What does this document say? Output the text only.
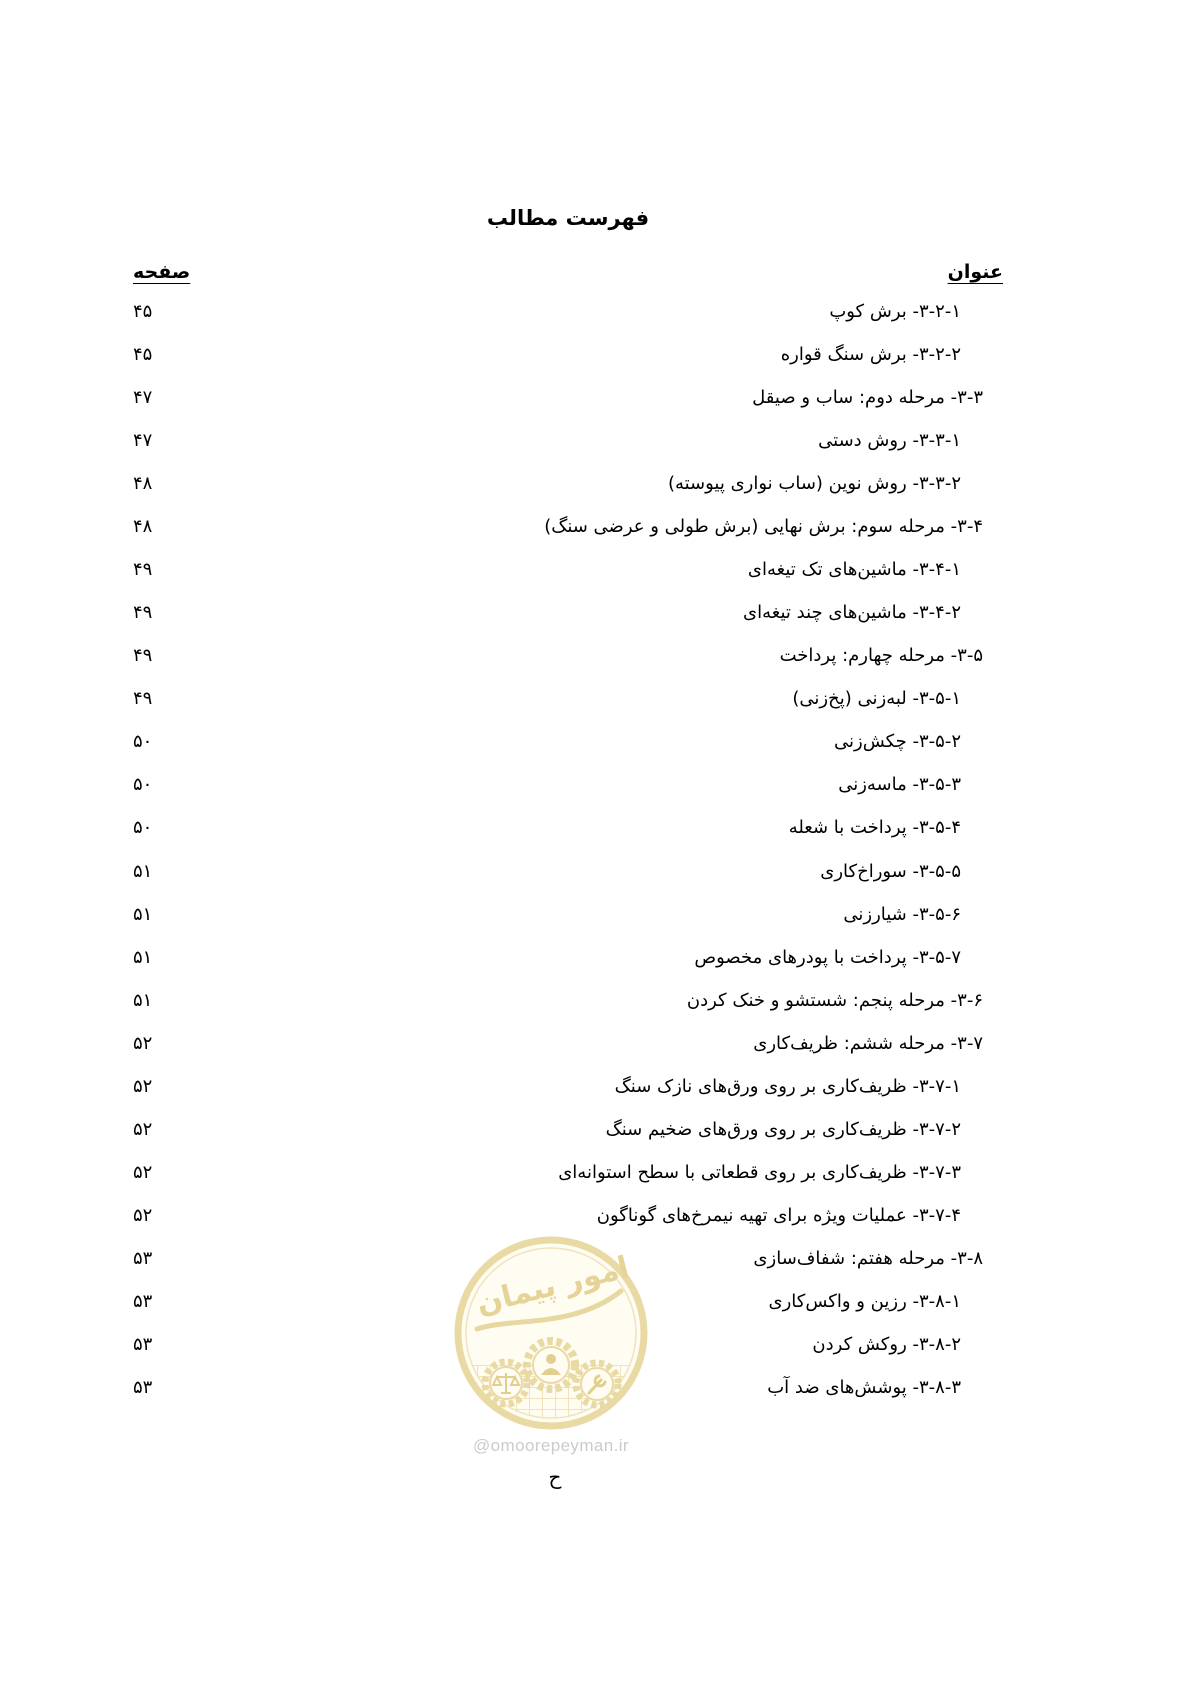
فهرست مطالب
عنوان
صفحه
۱-۲-۳- برش کوپ
۴۵
۲-۲-۳- برش سنگ قواره
۴۵
۳-۳- مرحله دوم: ساب و صیقل
۴۷
۱-۳-۳- روش دستی
۴۷
۲-۳-۳- روش نوین (ساب نواری پیوسته)
۴۸
۴-۳- مرحله سوم: برش نهایی (برش طولی و عرضی سنگ)
۴۸
۱-۴-۳- ماشین‌های تک تیغه‌ای
۴۹
۲-۴-۳- ماشین‌های چند تیغه‌ای
۴۹
۵-۳- مرحله چهارم: پرداخت
۴۹
۱-۵-۳- لبه‌زنی (پخ‌زنی)
۴۹
۲-۵-۳- چکش‌زنی
۵۰
۳-۵-۳- ماسه‌زنی
۵۰
۴-۵-۳- پرداخت با شعله
۵۰
۵-۵-۳- سوراخ‌کاری
۵۱
۶-۵-۳- شیارزنی
۵۱
۷-۵-۳- پرداخت با پودرهای مخصوص
۵۱
۶-۳- مرحله پنجم: شستشو و خنک کردن
۵۱
۷-۳- مرحله ششم: ظریف‌کاری
۵۲
۱-۷-۳- ظریف‌کاری بر روی ورق‌های نازک سنگ
۵۲
۲-۷-۳- ظریف‌کاری بر روی ورق‌های ضخیم سنگ
۵۲
۳-۷-۳- ظریف‌کاری بر روی قطعاتی با سطح استوانه‌ای
۵۲
۴-۷-۳- عملیات ویژه برای تهیه نیمرخ‌های گوناگون
۵۲
۸-۳- مرحله هفتم: شفاف‌سازی
۵۳
۱-۸-۳- رزین و واکس‌کاری
۵۳
۲-۸-۳- روکش کردن
۵۳
۳-۸-۳- پوشش‌های ضد آب
۵۳
امور پیمان
@omoorepeyman.ir
ح
